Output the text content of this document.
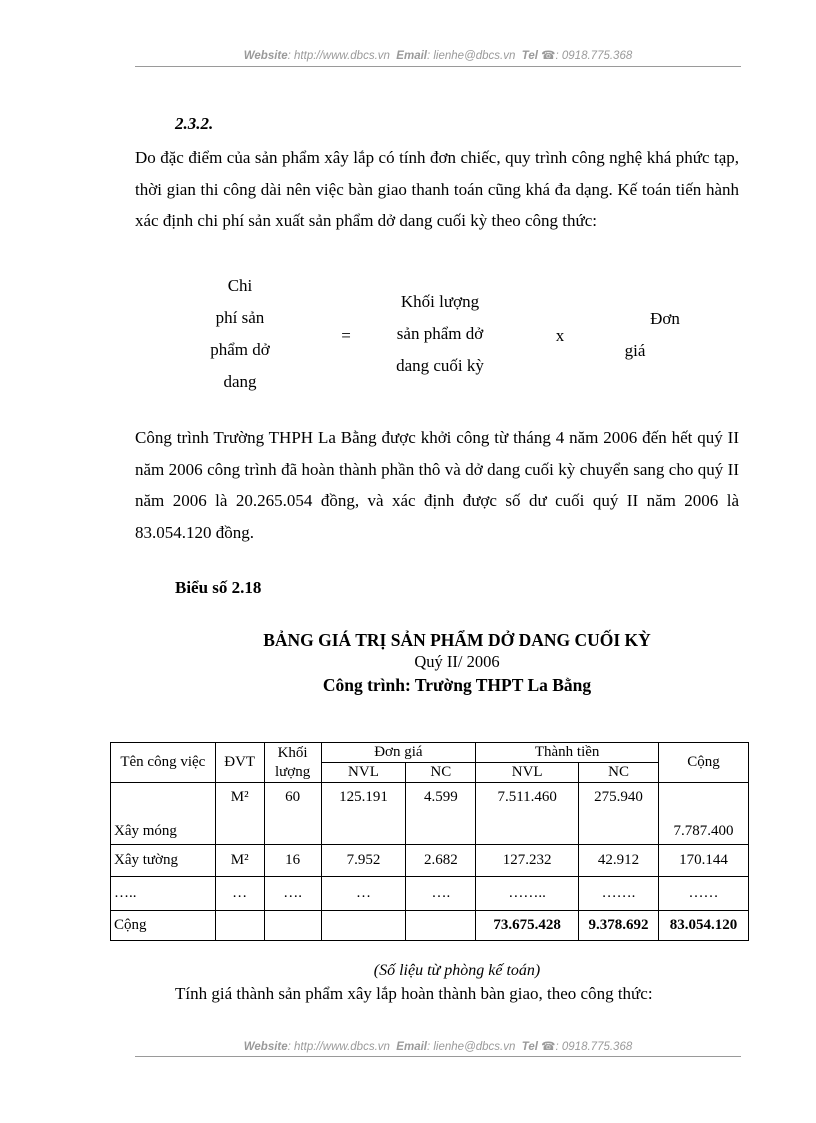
Website: http://www.dbcs.vn Email: lienhe@dbcs.vn Tel ☎: 0918.775.368
2.3.2.
Do đặc điểm của sản phẩm xây lắp có tính đơn chiếc, quy trình công nghệ khá phức tạp, thời gian thi công dài nên việc bàn giao thanh toán cũng khá đa dạng. Kế toán tiến hành xác định chi phí sản xuất sản phẩm dở dang cuối kỳ theo công thức:
Chi
phí sản
phẩm dở
dang
=
Khối lượng
sản phẩm dở
dang cuối kỳ
x
Đơn
giá
Công trình Trường THPH La Bằng được khởi công từ tháng 4 năm 2006 đến hết quý II năm 2006 công trình đã hoàn thành phần thô và dở dang cuối kỳ chuyển sang cho quý II năm 2006 là 20.265.054 đồng, và xác định được số dư cuối quý II năm 2006 là 83.054.120 đồng.
Biểu số 2.18
BẢNG GIÁ TRỊ SẢN PHẨM DỞ DANG CUỐI KỲ
Quý II/ 2006
Công trình: Trường THPT La Bằng
Tên công việc	ĐVT	Khối lượng	Đơn giá		Thành tiền		Cộng
			NVL	NC	NVL	NC	
Xây móng	M²	60	125.191	4.599	7.511.460	275.940	7.787.400
Xây tường	M²	16	7.952	2.682	127.232	42.912	170.144
…..	…	….	…	….	……..	…….	……
Cộng					73.675.428	9.378.692	83.054.120
(Số liệu từ phòng kế toán)
Tính giá thành sản phẩm xây lắp hoàn thành bàn giao, theo công thức:
Website: http://www.dbcs.vn Email: lienhe@dbcs.vn Tel ☎: 0918.775.368
